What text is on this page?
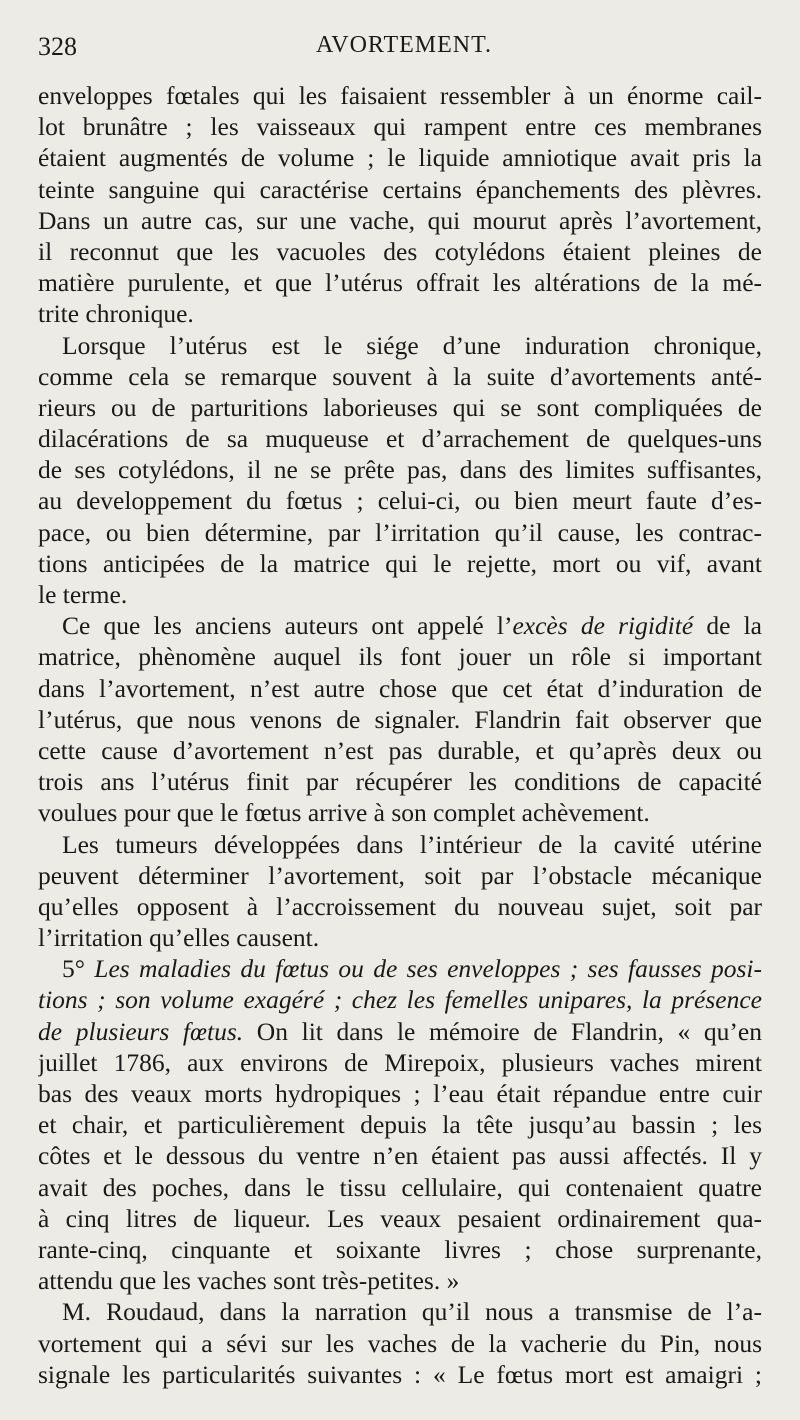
328	AVORTEMENT.
enveloppes fœtales qui les faisaient ressembler à un énorme cail-
lot brunâtre ; les vaisseaux qui rampent entre ces membranes
étaient augmentés de volume ; le liquide amniotique avait pris la
teinte sanguine qui caractérise certains épanchements des plèvres.
Dans un autre cas, sur une vache, qui mourut après l’avortement,
il reconnut que les vacuoles des cotylédons étaient pleines de
matière purulente, et que l’utérus offrait les altérations de la mé-
trite chronique.
Lorsque l’utérus est le siége d’une induration chronique,
comme cela se remarque souvent à la suite d’avortements anté-
rieurs ou de parturitions laborieuses qui se sont compliquées de
dilacérations de sa muqueuse et d’arrachement de quelques-uns
de ses cotylédons, il ne se prête pas, dans des limites suffisantes,
au developpement du fœtus ; celui-ci, ou bien meurt faute d’es-
pace, ou bien détermine, par l’irritation qu’il cause, les contrac-
tions anticipées de la matrice qui le rejette, mort ou vif, avant
le terme.
Ce que les anciens auteurs ont appelé l’excès de rigidité de la
matrice, phènomène auquel ils font jouer un rôle si important
dans l’avortement, n’est autre chose que cet état d’induration de
l’utérus, que nous venons de signaler. Flandrin fait observer que
cette cause d’avortement n’est pas durable, et qu’après deux ou
trois ans l’utérus finit par récupérer les conditions de capacité
voulues pour que le fœtus arrive à son complet achèvement.
Les tumeurs développées dans l’intérieur de la cavité utérine
peuvent déterminer l’avortement, soit par l’obstacle mécanique
qu’elles opposent à l’accroissement du nouveau sujet, soit par
l’irritation qu’elles causent.
5° Les maladies du fœtus ou de ses enveloppes ; ses fausses posi-
tions ; son volume exagéré ; chez les femelles unipares, la présence
de plusieurs fœtus. On lit dans le mémoire de Flandrin, « qu’en
juillet 1786, aux environs de Mirepoix, plusieurs vaches mirent
bas des veaux morts hydropiques ; l’eau était répandue entre cuir
et chair, et particulièrement depuis la tête jusqu’au bassin ; les
côtes et le dessous du ventre n’en étaient pas aussi affectés. Il y
avait des poches, dans le tissu cellulaire, qui contenaient quatre
à cinq litres de liqueur. Les veaux pesaient ordinairement qua-
rante-cinq, cinquante et soixante livres ; chose surprenante,
attendu que les vaches sont très-petites. »
M. Roudaud, dans la narration qu’il nous a transmise de l’a-
vortement qui a sévi sur les vaches de la vacherie du Pin, nous
signale les particularités suivantes : « Le fœtus mort est amaigri ;
